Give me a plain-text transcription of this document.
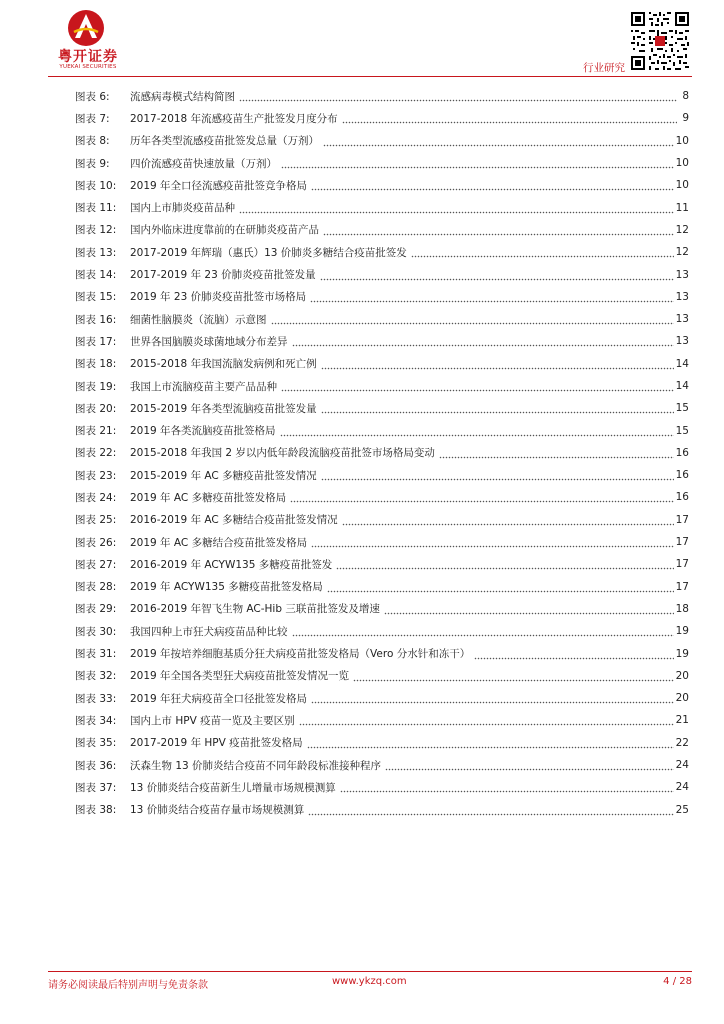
粤开证券
YUEKAI SECURITIES	行业研究
图表 6:	流感病毒模式结构简图	8
图表 7:	2017-2018 年流感疫苗生产批签发月度分布	9
图表 8:	历年各类型流感疫苗批签发总量（万剂）	10
图表 9:	四价流感疫苗快速放量（万剂）	10
图表 10:	2019 年全口径流感疫苗批签竞争格局	10
图表 11:	国内上市肺炎疫苗品种	11
图表 12:	国内外临床进度靠前的在研肺炎疫苗产品	12
图表 13:	2017-2019 年辉瑞（惠氏）13 价肺炎多糖结合疫苗批签发	12
图表 14:	2017-2019 年 23 价肺炎疫苗批签发量	13
图表 15:	2019 年 23 价肺炎疫苗批签市场格局	13
图表 16:	细菌性脑膜炎（流脑）示意图	13
图表 17:	世界各国脑膜炎球菌地域分布差异	13
图表 18:	2015-2018 年我国流脑发病例和死亡例	14
图表 19:	我国上市流脑疫苗主要产品品种	14
图表 20:	2015-2019 年各类型流脑疫苗批签发量	15
图表 21:	2019 年各类流脑疫苗批签格局	15
图表 22:	2015-2018 年我国 2 岁以内低年龄段流脑疫苗批签市场格局变动	16
图表 23:	2015-2019 年 AC 多糖疫苗批签发情况	16
图表 24:	2019 年 AC 多糖疫苗批签发格局	16
图表 25:	2016-2019 年 AC 多糖结合疫苗批签发情况	17
图表 26:	2019 年 AC 多糖结合疫苗批签发格局	17
图表 27:	2016-2019 年 ACYW135 多糖疫苗批签发	17
图表 28:	2019 年 ACYW135 多糖疫苗批签发格局	17
图表 29:	2016-2019 年智飞生物 AC-Hib 三联苗批签发及增速	18
图表 30:	我国四种上市狂犬病疫苗品种比较	19
图表 31:	2019 年按培养细胞基质分狂犬病疫苗批签发格局（Vero 分水针和冻干）	19
图表 32:	2019 年全国各类型狂犬病疫苗批签发情况一览	20
图表 33:	2019 年狂犬病疫苗全口径批签发格局	20
图表 34:	国内上市 HPV 疫苗一览及主要区别	21
图表 35:	2017-2019 年 HPV 疫苗批签发格局	22
图表 36:	沃森生物 13 价肺炎结合疫苗不同年龄段标准接种程序	24
图表 37:	13 价肺炎结合疫苗新生儿增量市场规模测算	24
图表 38:	13 价肺炎结合疫苗存量市场规模测算	25
请务必阅读最后特别声明与免责条款	www.ykzq.com	4 / 28
